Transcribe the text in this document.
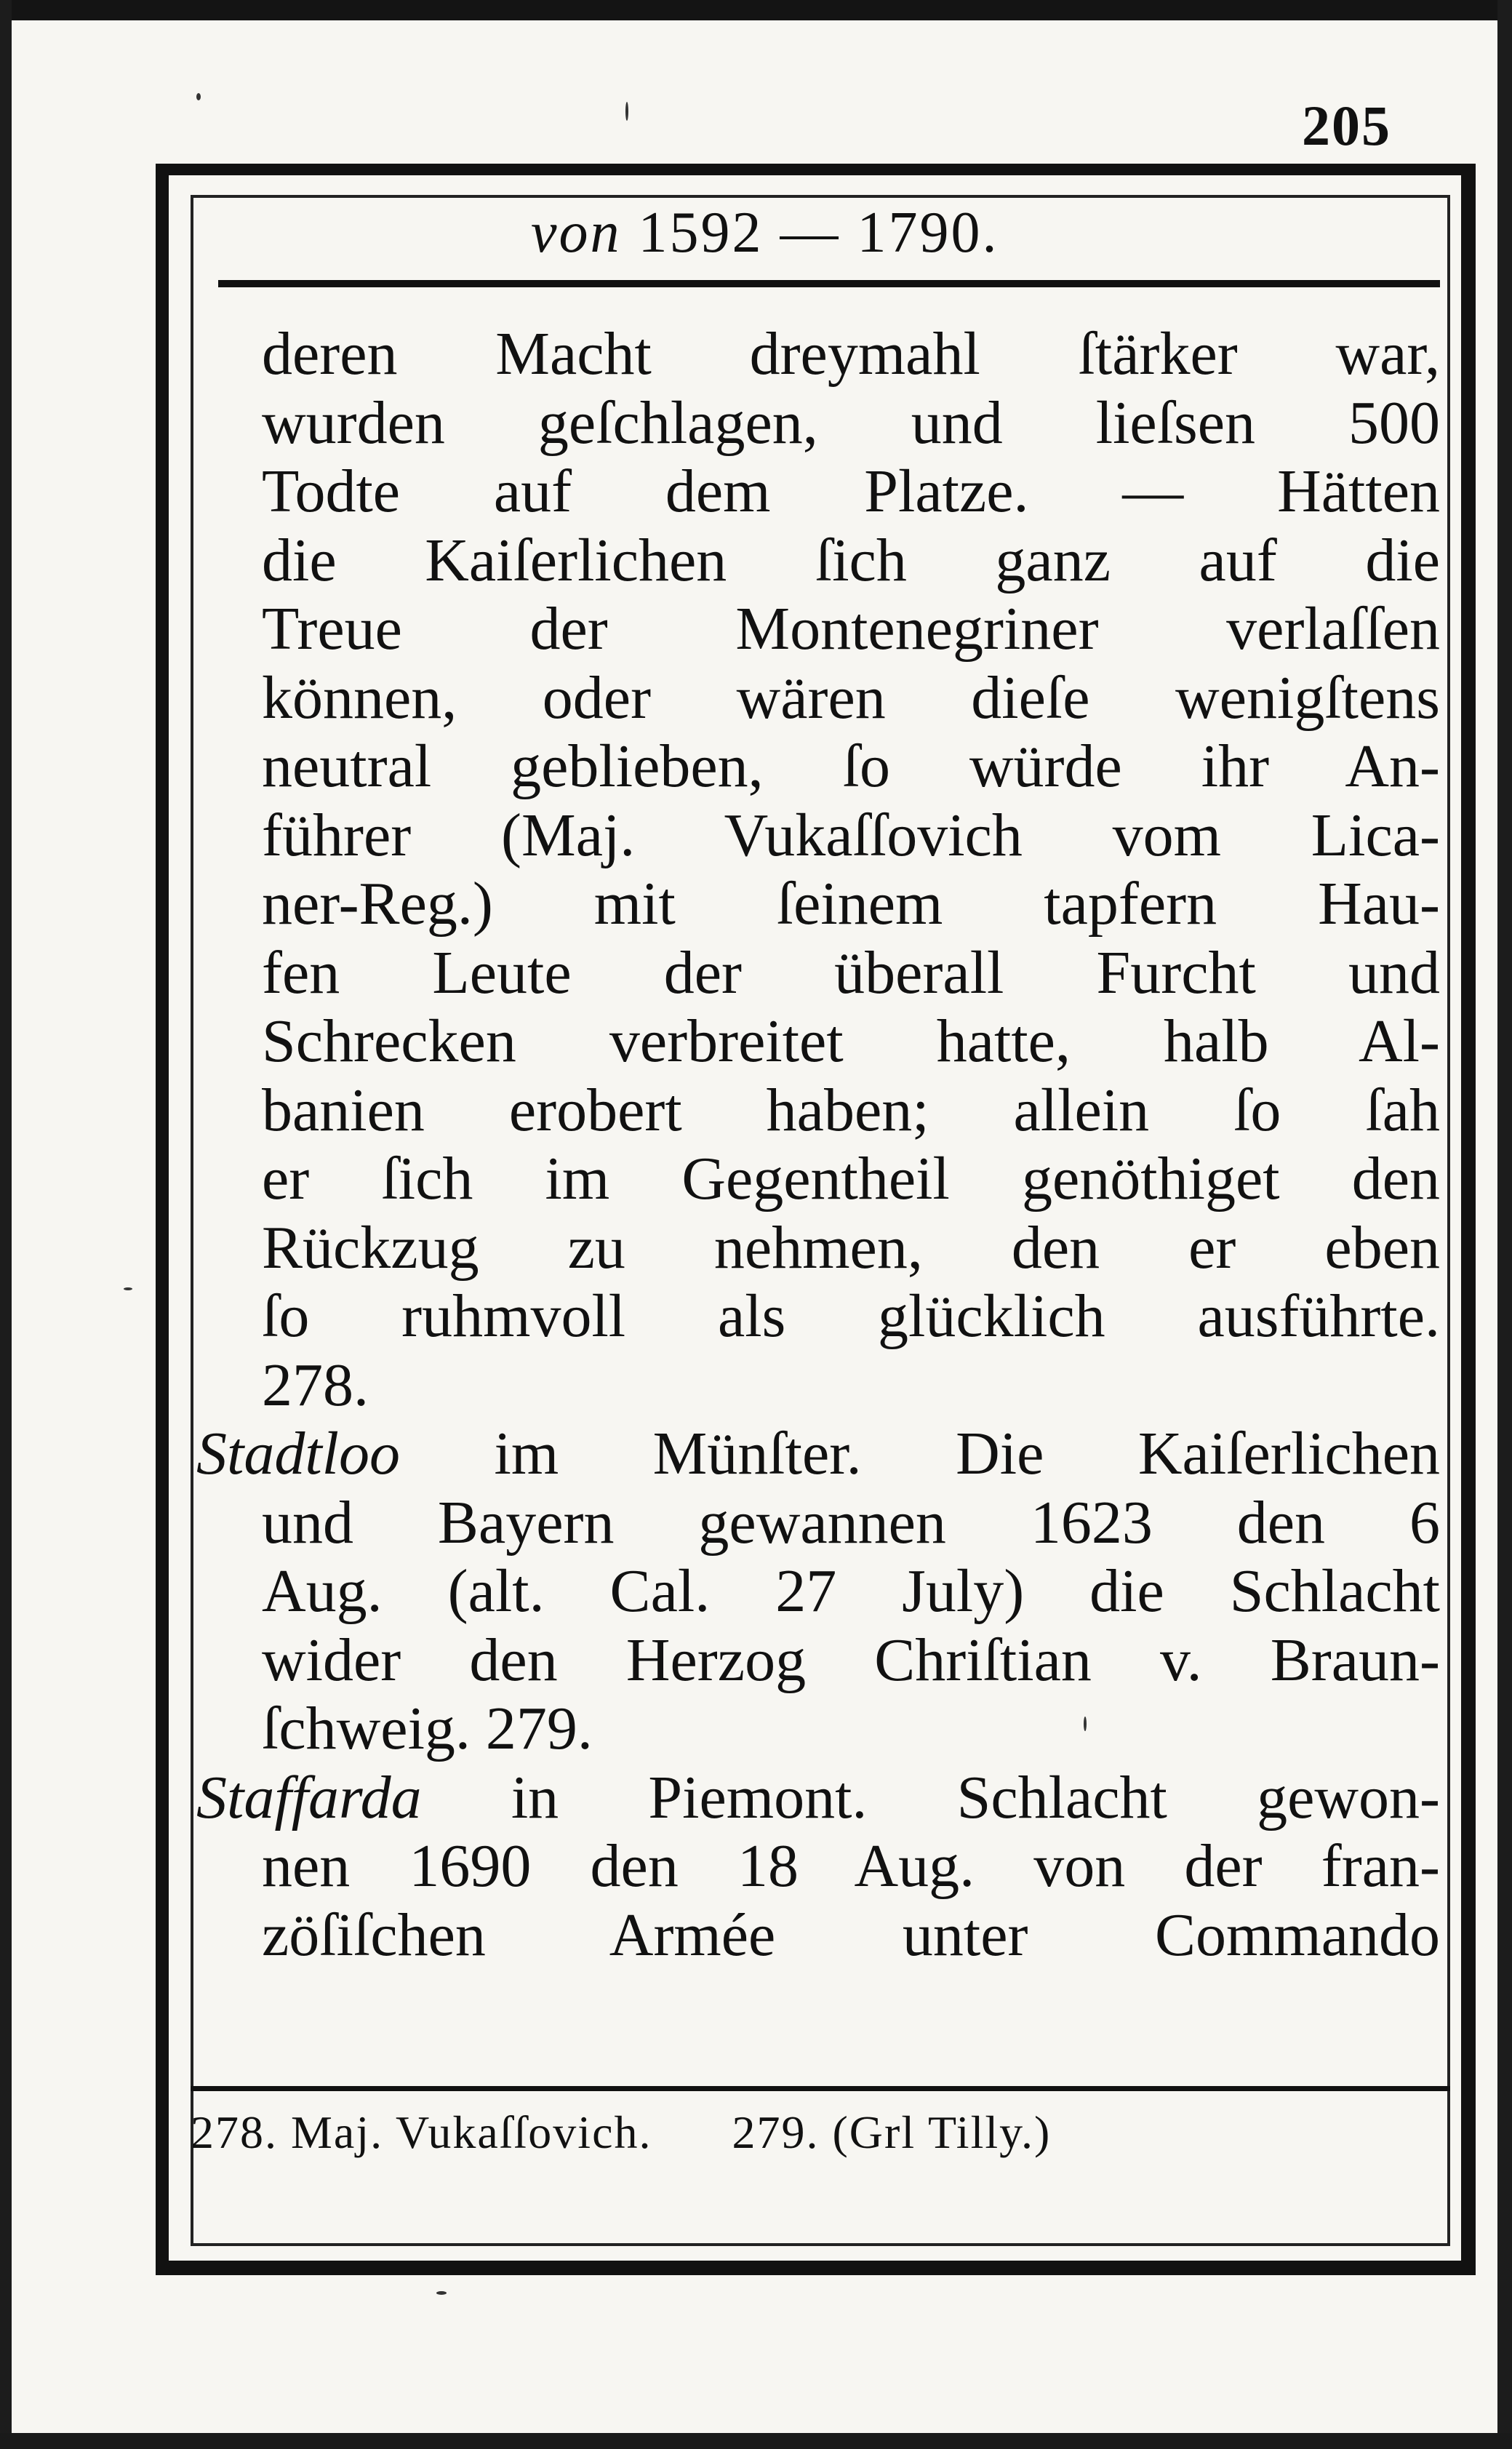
205
von 1592 — 1790.
deren Macht dreymahl ſtärker war,
wurden geſchlagen, und lieſsen 500
Todte auf dem Platze. — Hätten
die Kaiſerlichen ſich ganz auf die
Treue der Montenegriner verlaſſen
können, oder wären dieſe wenigſtens
neutral geblieben, ſo würde ihr An-
führer (Maj. Vukaſſovich vom Lica-
ner-Reg.) mit ſeinem tapfern Hau-
fen Leute der überall Furcht und
Schrecken verbreitet hatte, halb Al-
banien erobert haben; allein ſo ſah
er ſich im Gegentheil genöthiget den
Rückzug zu nehmen, den er eben
ſo ruhmvoll als glücklich ausführte.
278.
Stadtloo im Münſter. Die Kaiſerlichen
und Bayern gewannen 1623 den 6
Aug. (alt. Cal. 27 July) die Schlacht
wider den Herzog Chriſtian v. Braun-
ſchweig. 279.
Staffarda in Piemont. Schlacht gewon-
nen 1690 den 18 Aug. von der fran-
zöſiſchen Armée unter Commando
278. Maj. Vukaſſovich. 279. (Grl Tilly.)
